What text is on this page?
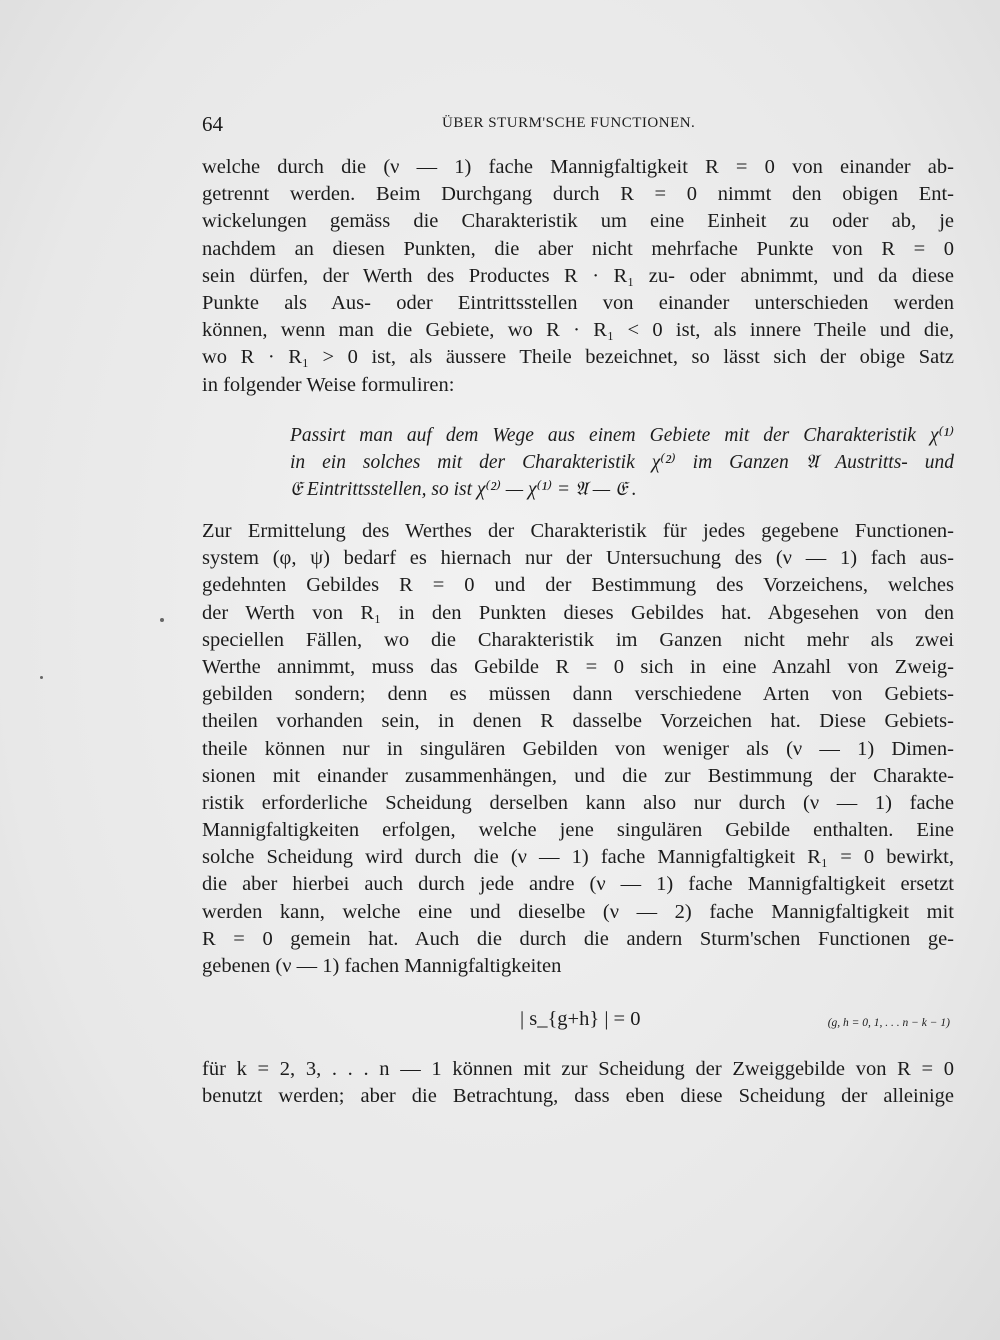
64	ÜBER STURM'SCHE FUNCTIONEN.
welche durch die (ν — 1) fache Mannigfaltigkeit R = 0 von einander ab-
getrennt werden. Beim Durchgang durch R = 0 nimmt den obigen Ent-
wickelungen gemäss die Charakteristik um eine Einheit zu oder ab, je
nachdem an diesen Punkten, die aber nicht mehrfache Punkte von R = 0
sein dürfen, der Werth des Productes R · R₁ zu- oder abnimmt, und da diese
Punkte als Aus- oder Eintrittsstellen von einander unterschieden werden
können, wenn man die Gebiete, wo R · R₁ < 0 ist, als innere Theile und die,
wo R · R₁ > 0 ist, als äussere Theile bezeichnet, so lässt sich der obige Satz
in folgender Weise formuliren:
Passirt man auf dem Wege aus einem Gebiete mit der Charakteristik χ⁽¹⁾
in ein solches mit der Charakteristik χ⁽²⁾ im Ganzen 𝔄 Austritts- und
𝔈 Eintrittsstellen, so ist χ⁽²⁾ — χ⁽¹⁾ = 𝔄 — 𝔈 .
Zur Ermittelung des Werthes der Charakteristik für jedes gegebene Functionen-
system (φ, ψ) bedarf es hiernach nur der Untersuchung des (ν — 1) fach aus-
gedehnten Gebildes R = 0 und der Bestimmung des Vorzeichens, welches
der Werth von R₁ in den Punkten dieses Gebildes hat. Abgesehen von den
speciellen Fällen, wo die Charakteristik im Ganzen nicht mehr als zwei
Werthe annimmt, muss das Gebilde R = 0 sich in eine Anzahl von Zweig-
gebilden sondern; denn es müssen dann verschiedene Arten von Gebiets-
theilen vorhanden sein, in denen R dasselbe Vorzeichen hat. Diese Gebiets-
theile können nur in singulären Gebilden von weniger als (ν — 1) Dimen-
sionen mit einander zusammenhängen, und die zur Bestimmung der Charakte-
ristik erforderliche Scheidung derselben kann also nur durch (ν — 1) fache
Mannigfaltigkeiten erfolgen, welche jene singulären Gebilde enthalten. Eine
solche Scheidung wird durch die (ν — 1) fache Mannigfaltigkeit R₁ = 0 bewirkt,
die aber hierbei auch durch jede andre (ν — 1) fache Mannigfaltigkeit ersetzt
werden kann, welche eine und dieselbe (ν — 2) fache Mannigfaltigkeit mit
R = 0 gemein hat. Auch die durch die andern Sturm'schen Functionen ge-
gebenen (ν — 1) fachen Mannigfaltigkeiten
| s_{g+h} | = 0	(g, h = 0, 1, . . . n − k − 1)
für k = 2, 3, . . . n — 1 können mit zur Scheidung der Zweiggebilde von R = 0
benutzt werden; aber die Betrachtung, dass eben diese Scheidung der alleinige
